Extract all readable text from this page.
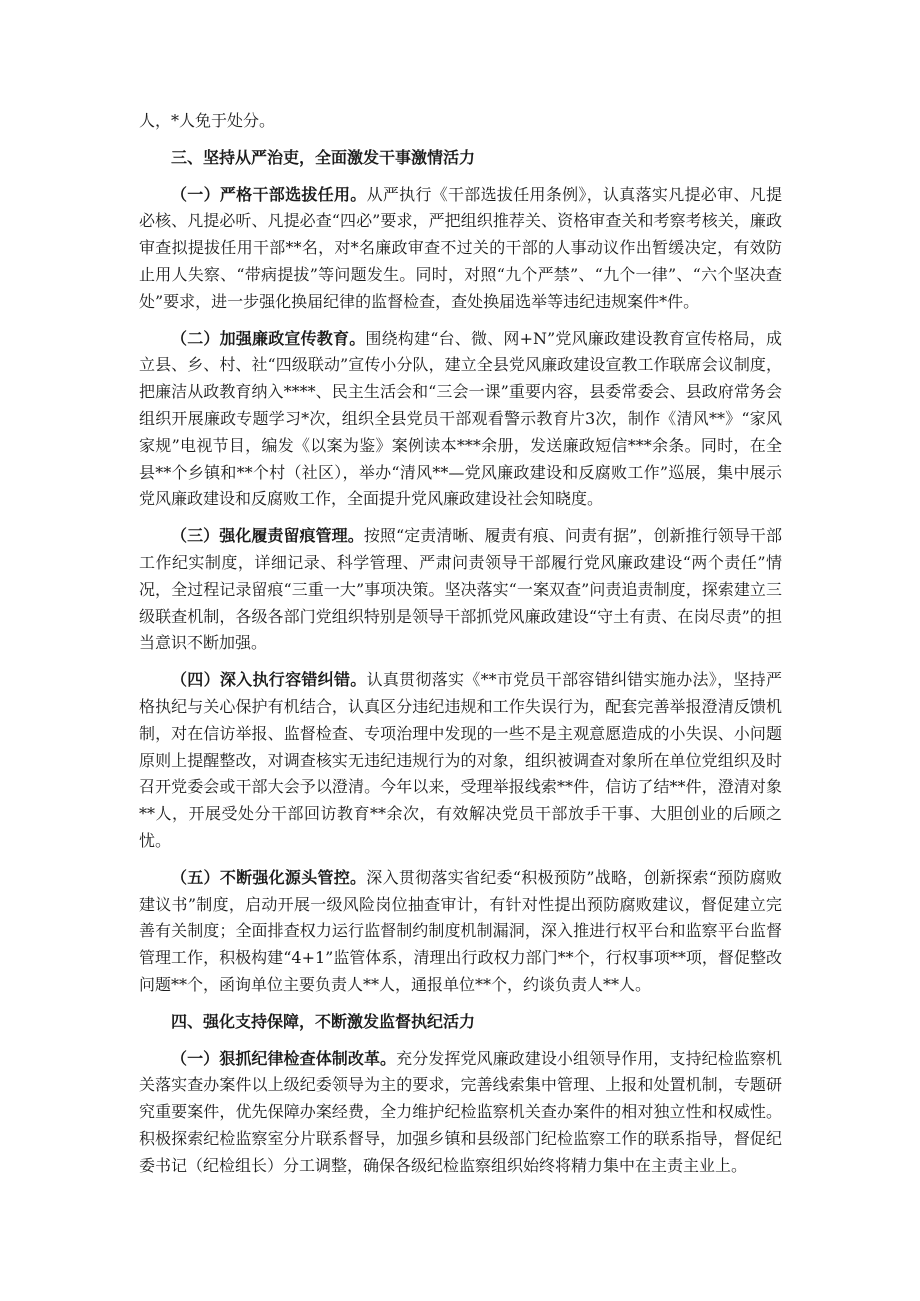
人，*人免于处分。

三、坚持从严治吏，全面激发干事激情活力

（一）严格干部选拔任用。从严执行《干部选拔任用条例》，认真落实凡提必审、凡提必核、凡提必听、凡提必查“四必”要求，严把组织推荐关、资格审查关和考察考核关，廉政审查拟提拔任用干部**名，对*名廉政审查不过关的干部的人事动议作出暂缓决定，有效防止用人失察、“带病提拔”等问题发生。同时，对照“九个严禁”、“九个一律”、“六个坚决查处”要求，进一步强化换届纪律的监督检查，查处换届选举等违纪违规案件*件。

（二）加强廉政宣传教育。围绕构建“台、微、网+N”党风廉政建设教育宣传格局，成立县、乡、村、社“四级联动”宣传小分队，建立全县党风廉政建设宣教工作联席会议制度，把廉洁从政教育纳入****、民主生活会和“三会一课”重要内容，县委常委会、县政府常务会组织开展廉政专题学习*次，组织全县党员干部观看警示教育片3次，制作《清风**》“家风家规”电视节目，编发《以案为鉴》案例读本***余册，发送廉政短信***余条。同时，在全县**个乡镇和**个村（社区），举办“清风**—党风廉政建设和反腐败工作”巡展，集中展示党风廉政建设和反腐败工作，全面提升党风廉政建设社会知晓度。

（三）强化履责留痕管理。按照“定责清晰、履责有痕、问责有据”，创新推行领导干部工作纪实制度，详细记录、科学管理、严肃问责领导干部履行党风廉政建设“两个责任”情况，全过程记录留痕“三重一大”事项决策。坚决落实“一案双查”问责追责制度，探索建立三级联查机制，各级各部门党组织特别是领导干部抓党风廉政建设“守土有责、在岗尽责”的担当意识不断加强。

（四）深入执行容错纠错。认真贯彻落实《**市党员干部容错纠错实施办法》，坚持严格执纪与关心保护有机结合，认真区分违纪违规和工作失误行为，配套完善举报澄清反馈机制，对在信访举报、监督检查、专项治理中发现的一些不是主观意愿造成的小失误、小问题原则上提醒整改，对调查核实无违纪违规行为的对象，组织被调查对象所在单位党组织及时召开党委会或干部大会予以澄清。今年以来，受理举报线索**件，信访了结**件，澄清对象**人，开展受处分干部回访教育**余次，有效解决党员干部放手干事、大胆创业的后顾之忧。

（五）不断强化源头管控。深入贯彻落实省纪委“积极预防”战略，创新探索“预防腐败建议书”制度，启动开展一级风险岗位抽查审计，有针对性提出预防腐败建议，督促建立完善有关制度；全面排查权力运行监督制约制度机制漏洞，深入推进行权平台和监察平台监督管理工作，积极构建“4+1”监管体系，清理出行政权力部门**个，行权事项**项，督促整改问题**个，函询单位主要负责人**人，通报单位**个，约谈负责人**人。

四、强化支持保障，不断激发监督执纪活力

（一）狠抓纪律检查体制改革。充分发挥党风廉政建设小组领导作用，支持纪检监察机关落实查办案件以上级纪委领导为主的要求，完善线索集中管理、上报和处置机制，专题研究重要案件，优先保障办案经费，全力维护纪检监察机关查办案件的相对独立性和权威性。积极探索纪检监察室分片联系督导，加强乡镇和县级部门纪检监察工作的联系指导，督促纪委书记（纪检组长）分工调整，确保各级纪检监察组织始终将精力集中在主责主业上。
